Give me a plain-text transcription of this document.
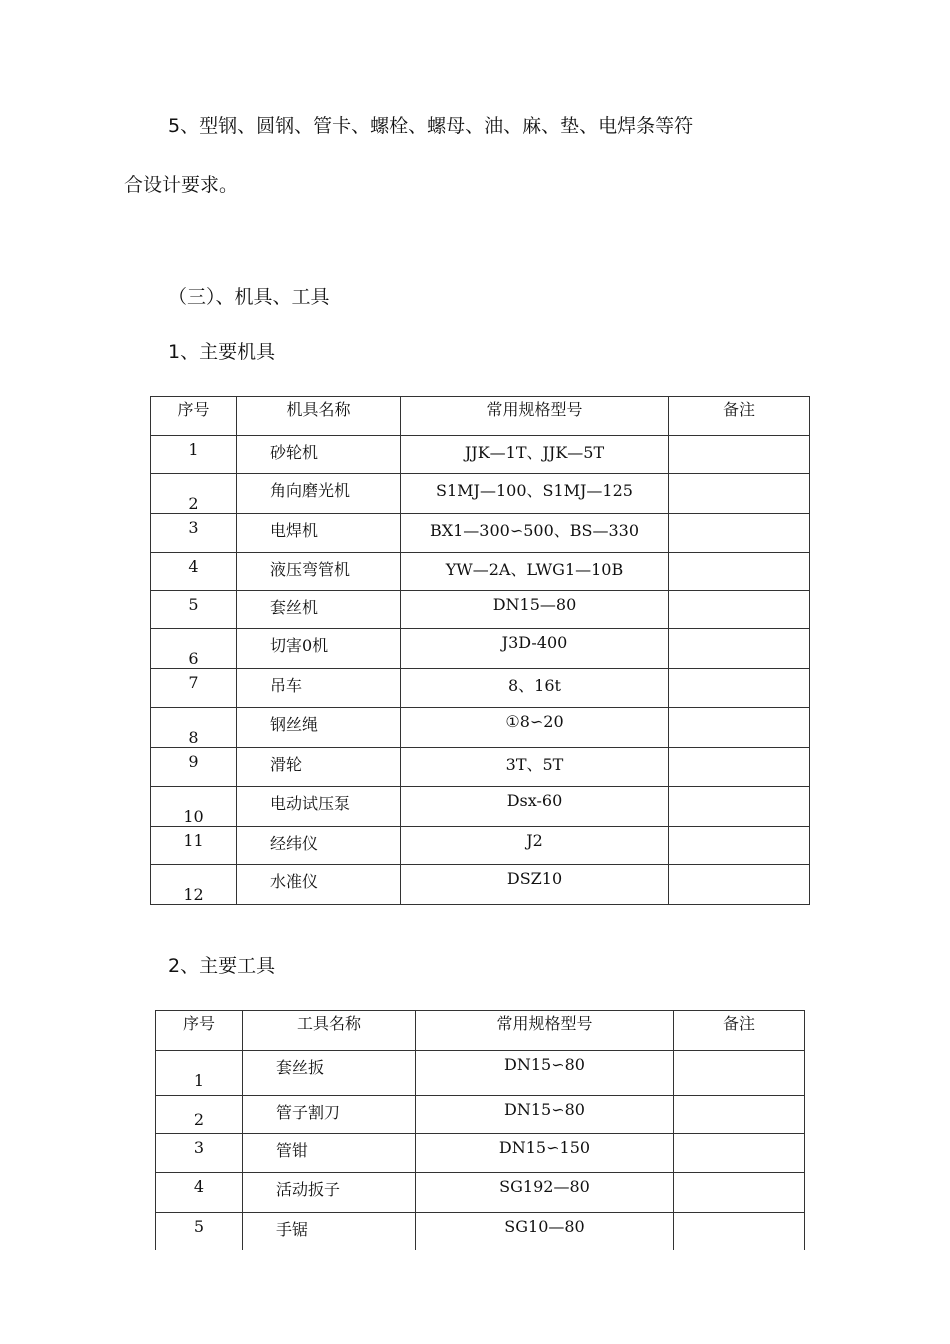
5、型钢、圆钢、管卡、螺栓、螺母、油、麻、垫、电焊条等符
合设计要求。
（三）、机具、工具
1、主要机具
序号	机具名称	常用规格型号	备注

1	砂轮机	JJK—1T、JJK—5T	

2	角向磨光机	S1MJ—100、S1MJ—125	

3	电焊机	BX1—300∽500、BS—330	

4	液压弯管机	YW—2A、LWG1—10B	

5	套丝机	DN15—80	

6	切害0机	J3D-400	

7	吊车	8、16t	

8	钢丝绳	①8∽20	

9	滑轮	3T、5T	

10	电动试压泵	Dsx-60	

11	经纬仪	J2	

12	水准仪	DSZ10	

2、主要工具
序号	工具名称	常用规格型号	备注

1	套丝扳	DN15∽80	

2	管子割刀	DN15∽80	

3	管钳	DN15∽150	

4	活动扳子	SG192—80	

5	手锯	SG10—80	
